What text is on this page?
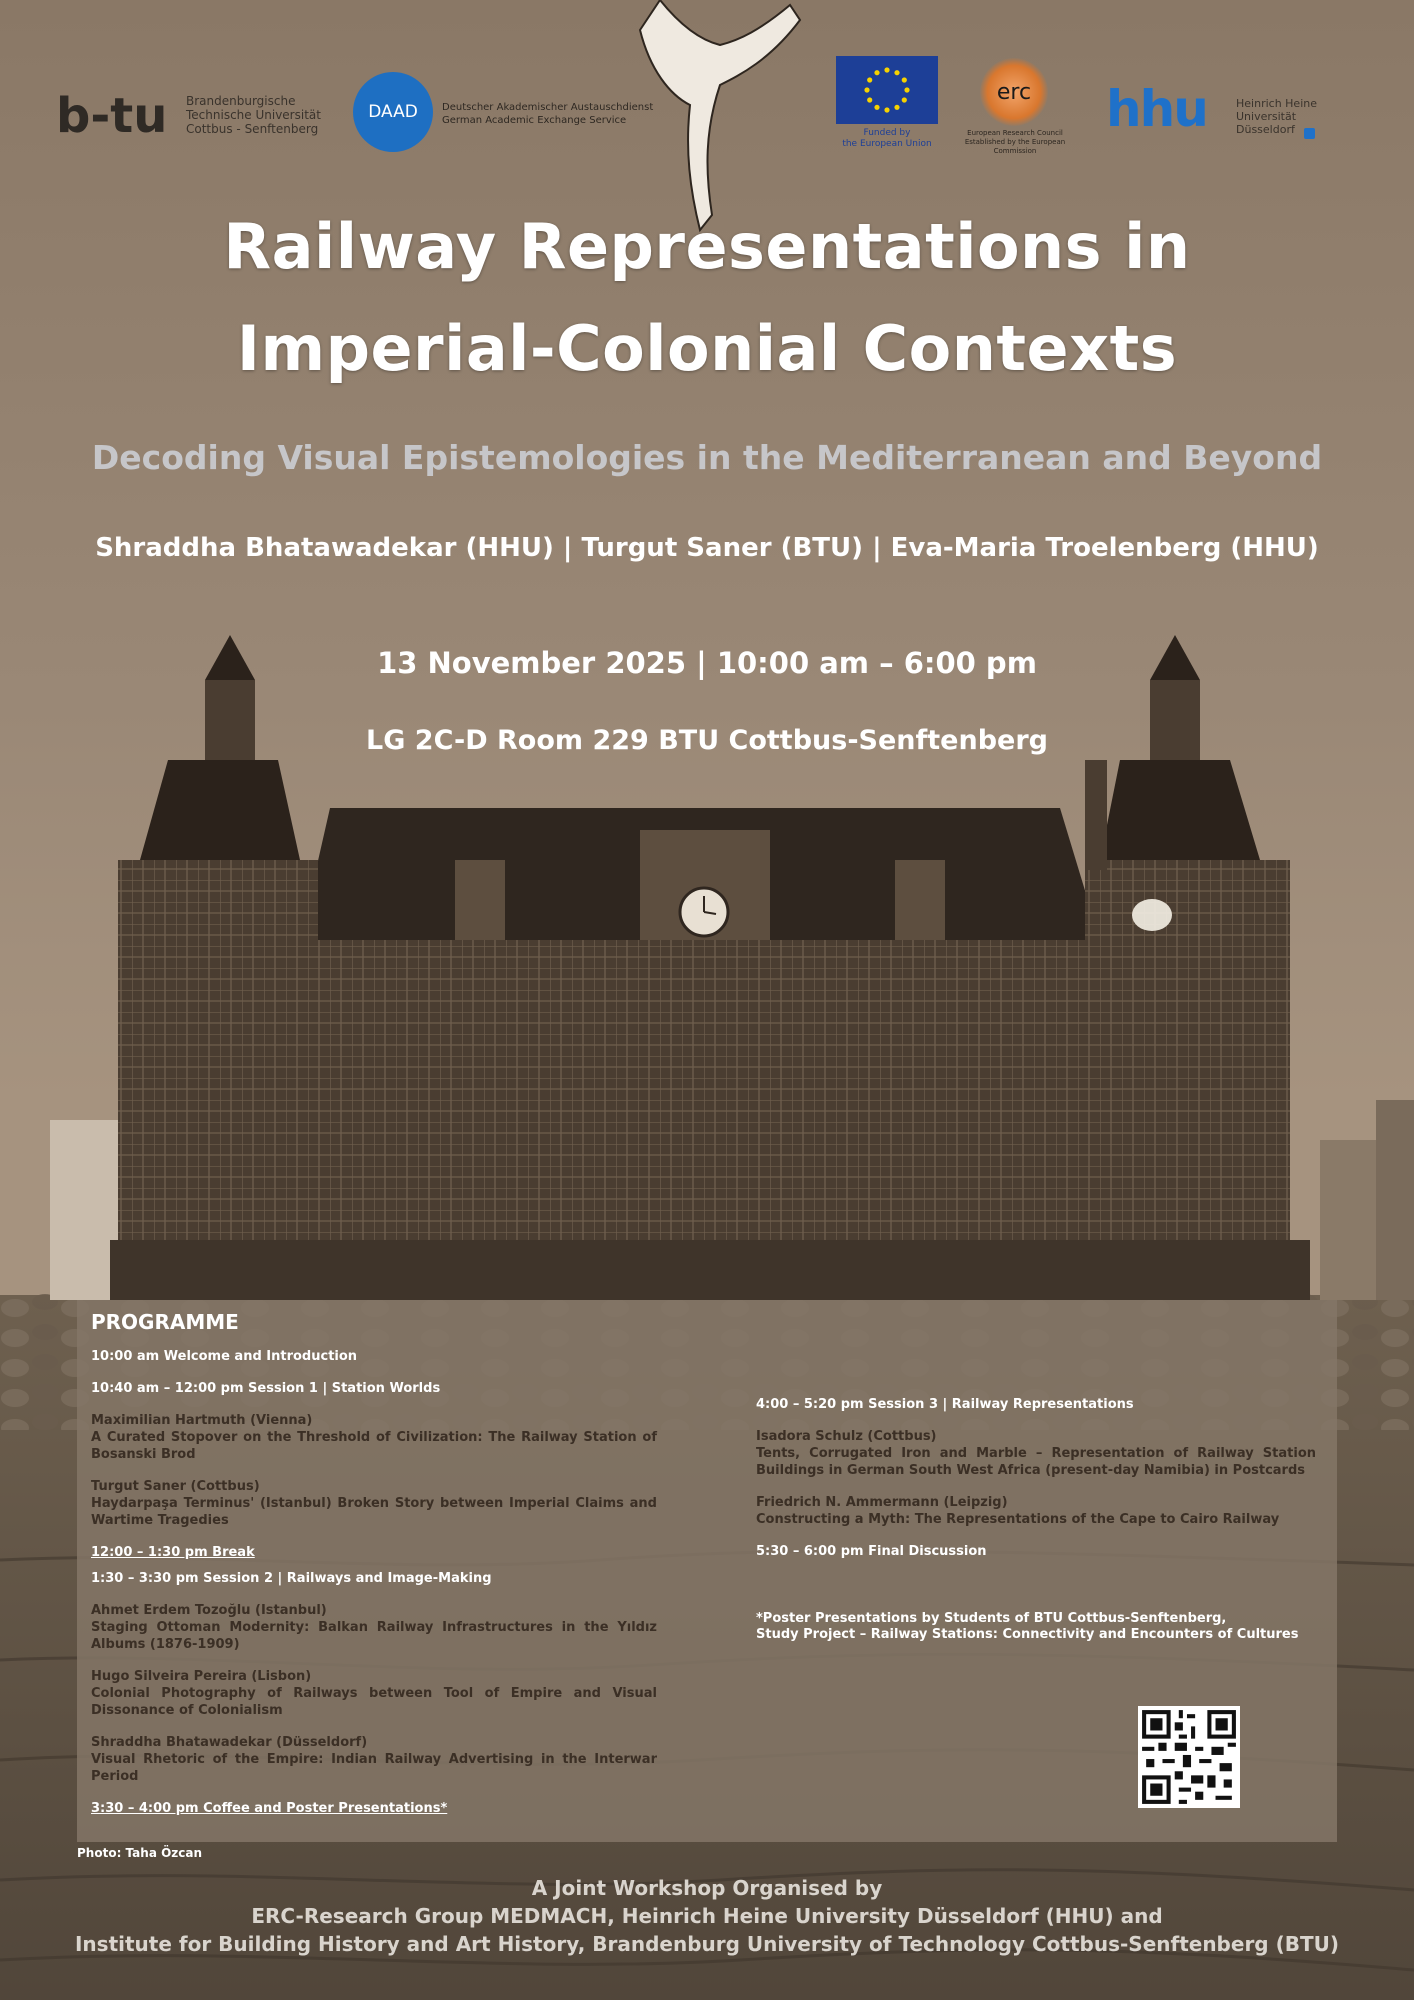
b-tu Brandenburgische
Technische Universität
Cottbus - Senftenberg
DAAD Deutscher Akademischer Austauschdienst
German Academic Exchange Service
Funded by
the European Union
erc
European Research Council
Established by the European Commission
hhu	Heinrich Heine
Universität
Düsseldorf
Railway Representations in
Imperial-Colonial Contexts
Decoding Visual Epistemologies in the Mediterranean and Beyond
Shraddha Bhatawadekar (HHU) | Turgut Saner (BTU) | Eva-Maria Troelenberg (HHU)
13 November 2025 | 10:00 am – 6:00 pm
LG 2C-D Room 229 BTU Cottbus-Senftenberg
PROGRAMME
10:00 am Welcome and Introduction
10:40 am – 12:00 pm Session 1 | Station Worlds
Maximilian Hartmuth (Vienna)
A Curated Stopover on the Threshold of Civilization: The Railway Station of Bosanski Brod
Turgut Saner (Cottbus)
Haydarpaşa Terminus' (Istanbul) Broken Story between Imperial Claims and Wartime Tragedies
12:00 – 1:30 pm Break
1:30 – 3:30 pm Session 2 | Railways and Image-Making
Ahmet Erdem Tozoğlu (Istanbul)
Staging Ottoman Modernity: Balkan Railway Infrastructures in the Yıldız Albums (1876-1909)
Hugo Silveira Pereira (Lisbon)
Colonial Photography of Railways between Tool of Empire and Visual Dissonance of Colonialism
Shraddha Bhatawadekar (Düsseldorf)
Visual Rhetoric of the Empire: Indian Railway Advertising in the Interwar Period
3:30 – 4:00 pm Coffee and Poster Presentations*
4:00 – 5:20 pm Session 3 | Railway Representations
Isadora Schulz (Cottbus)
Tents, Corrugated Iron and Marble – Representation of Railway Station Buildings in German South West Africa (present-day Namibia) in Postcards
Friedrich N. Ammermann (Leipzig)
Constructing a Myth: The Representations of the Cape to Cairo Railway
5:30 – 6:00 pm Final Discussion
*Poster Presentations by Students of BTU Cottbus-Senftenberg,
Study Project – Railway Stations: Connectivity and Encounters of Cultures
Photo: Taha Özcan
A Joint Workshop Organised by
ERC-Research Group MEDMACH, Heinrich Heine University Düsseldorf (HHU) and
Institute for Building History and Art History, Brandenburg University of Technology Cottbus-Senftenberg (BTU)
